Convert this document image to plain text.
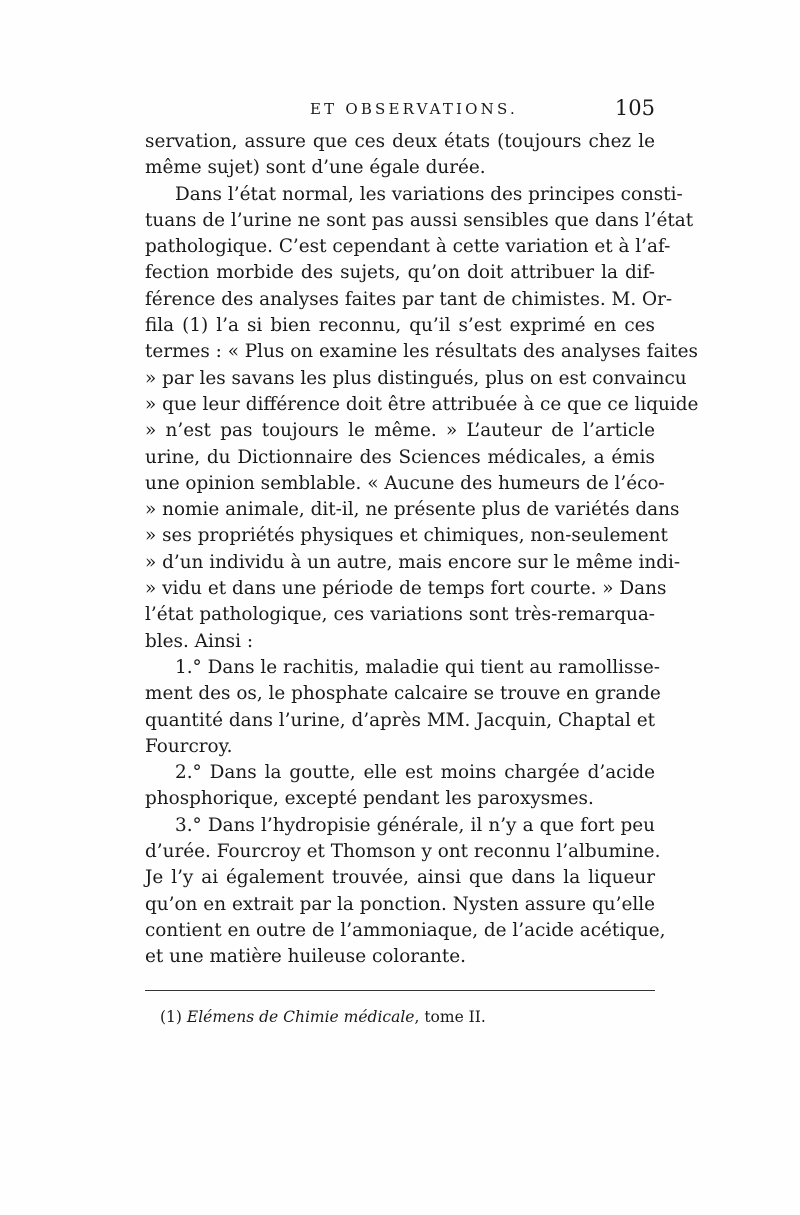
ET OBSERVATIONS.	105
servation, assure que ces deux états (toujours chez le
même sujet) sont d’une égale durée.
Dans l’état normal, les variations des principes consti-
tuans de l’urine ne sont pas aussi sensibles que dans l’état
pathologique. C’est cependant à cette variation et à l’af-
fection morbide des sujets, qu’on doit attribuer la dif-
férence des analyses faites par tant de chimistes. M. Or-
fila (1) l’a si bien reconnu, qu’il s’est exprimé en ces
termes : « Plus on examine les résultats des analyses faites
» par les savans les plus distingués, plus on est convaincu
» que leur différence doit être attribuée à ce que ce liquide
» n’est pas toujours le même. » L’auteur de l’article
urine, du Dictionnaire des Sciences médicales, a émis
une opinion semblable. « Aucune des humeurs de l’éco-
» nomie animale, dit-il, ne présente plus de variétés dans
» ses propriétés physiques et chimiques, non-seulement
» d’un individu à un autre, mais encore sur le même indi-
» vidu et dans une période de temps fort courte. » Dans
l’état pathologique, ces variations sont très-remarqua-
bles. Ainsi :
1.° Dans le rachitis, maladie qui tient au ramollisse-
ment des os, le phosphate calcaire se trouve en grande
quantité dans l’urine, d’après MM. Jacquin, Chaptal et
Fourcroy.
2.° Dans la goutte, elle est moins chargée d’acide
phosphorique, excepté pendant les paroxysmes.
3.° Dans l’hydropisie générale, il n’y a que fort peu
d’urée. Fourcroy et Thomson y ont reconnu l’albumine.
Je l’y ai également trouvée, ainsi que dans la liqueur
qu’on en extrait par la ponction. Nysten assure qu’elle
contient en outre de l’ammoniaque, de l’acide acétique,
et une matière huileuse colorante.
(1) Elémens de Chimie médicale, tome II.
